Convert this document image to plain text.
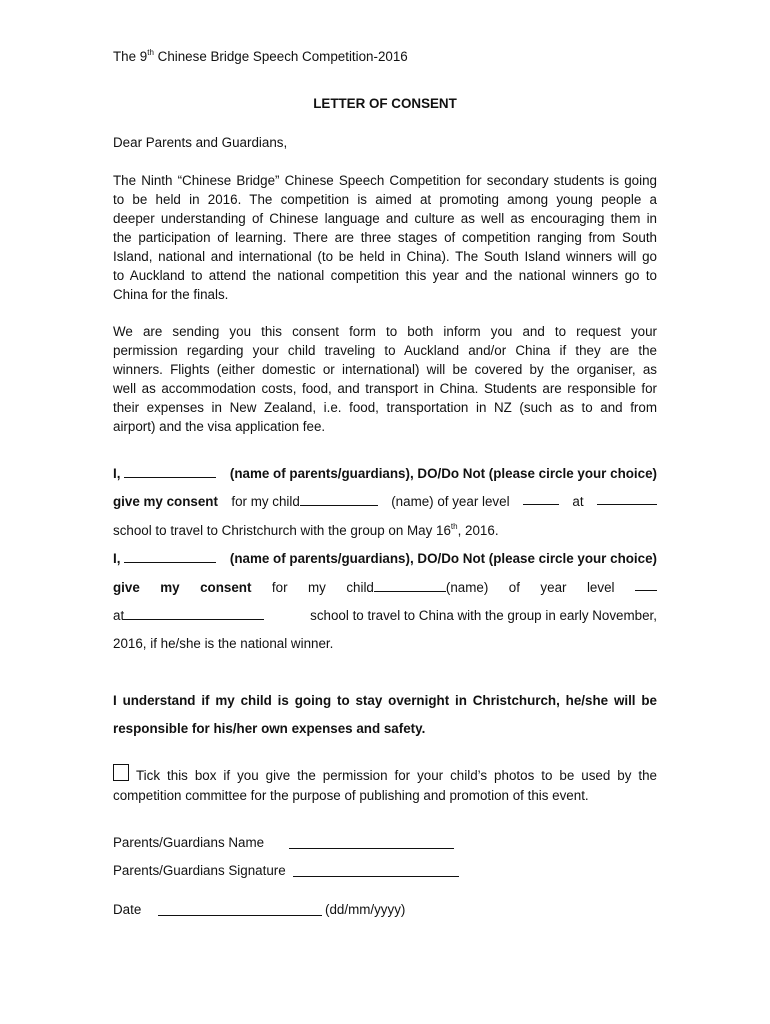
The 9th Chinese Bridge Speech Competition-2016
LETTER OF CONSENT
Dear Parents and Guardians,
The Ninth “Chinese Bridge” Chinese Speech Competition for secondary students is going
to be held in 2016. The competition is aimed at promoting among young people a
deeper understanding of Chinese language and culture as well as encouraging them in
the participation of learning. There are three stages of competition ranging from South
Island, national and international (to be held in China). The South Island winners will go
to Auckland to attend the national competition this year and the national winners go to
China for the finals.
We are sending you this consent form to both inform you and to request your
permission regarding your child traveling to Auckland and/or China if they are the
winners. Flights (either domestic or international) will be covered by the organiser, as
well as accommodation costs, food, and transport in China. Students are responsible for
their expenses in New Zealand, i.e. food, transportation in NZ (such as to and from
airport) and the visa application fee.
I,	(name of parents/guardians), DO/Do Not (please circle your choice)
give my consent for my child	(name) of year level	at
school to travel to Christchurch with the group on May 16th, 2016.
I,	(name of parents/guardians), DO/Do Not (please circle your choice)
give my consent for my child	(name) of year level
at	school to travel to China with the group in early November,
2016, if he/she is the national winner.
I understand if my child is going to stay overnight in Christchurch, he/she will be
responsible for his/her own expenses and safety.
Tick this box if you give the permission for your child’s photos to be used by the
competition committee for the purpose of publishing and promotion of this event.
Parents/Guardians Name
Parents/Guardians Signature
Date	(dd/mm/yyyy)
